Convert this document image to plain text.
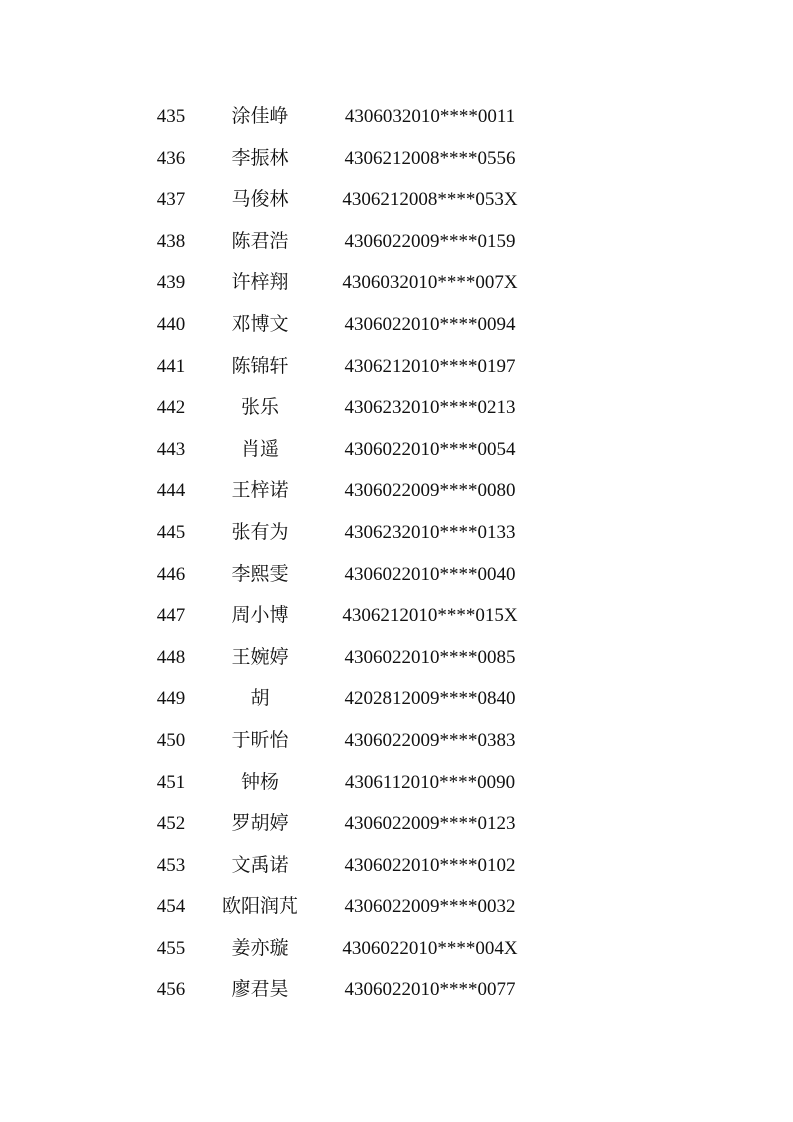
435 涂佳峥	4306032010****0011
436 李振林	4306212008****0556
437 马俊林	4306212008****053X
438 陈君浩	4306022009****0159
439 许梓翔	4306032010****007X
440 邓博文	4306022010****0094
441 陈锦轩	4306212010****0197
442	张乐	4306232010****0213
443	肖遥	4306022010****0054
444 王梓诺	4306022009****0080
445 张有为	4306232010****0133
446 李熙雯	4306022010****0040
447 周小博	4306212010****015X
448 王婉婷	4306022010****0085
449	胡	4202812009****0840
450 于昕怡	4306022009****0383
451	钟杨	4306112010****0090
452 罗胡婷	4306022009****0123
453 文禹诺	4306022010****0102
454 欧阳润芃 4306022009****0032
455 姜亦璇	4306022010****004X
456 廖君昊	4306022010****0077
